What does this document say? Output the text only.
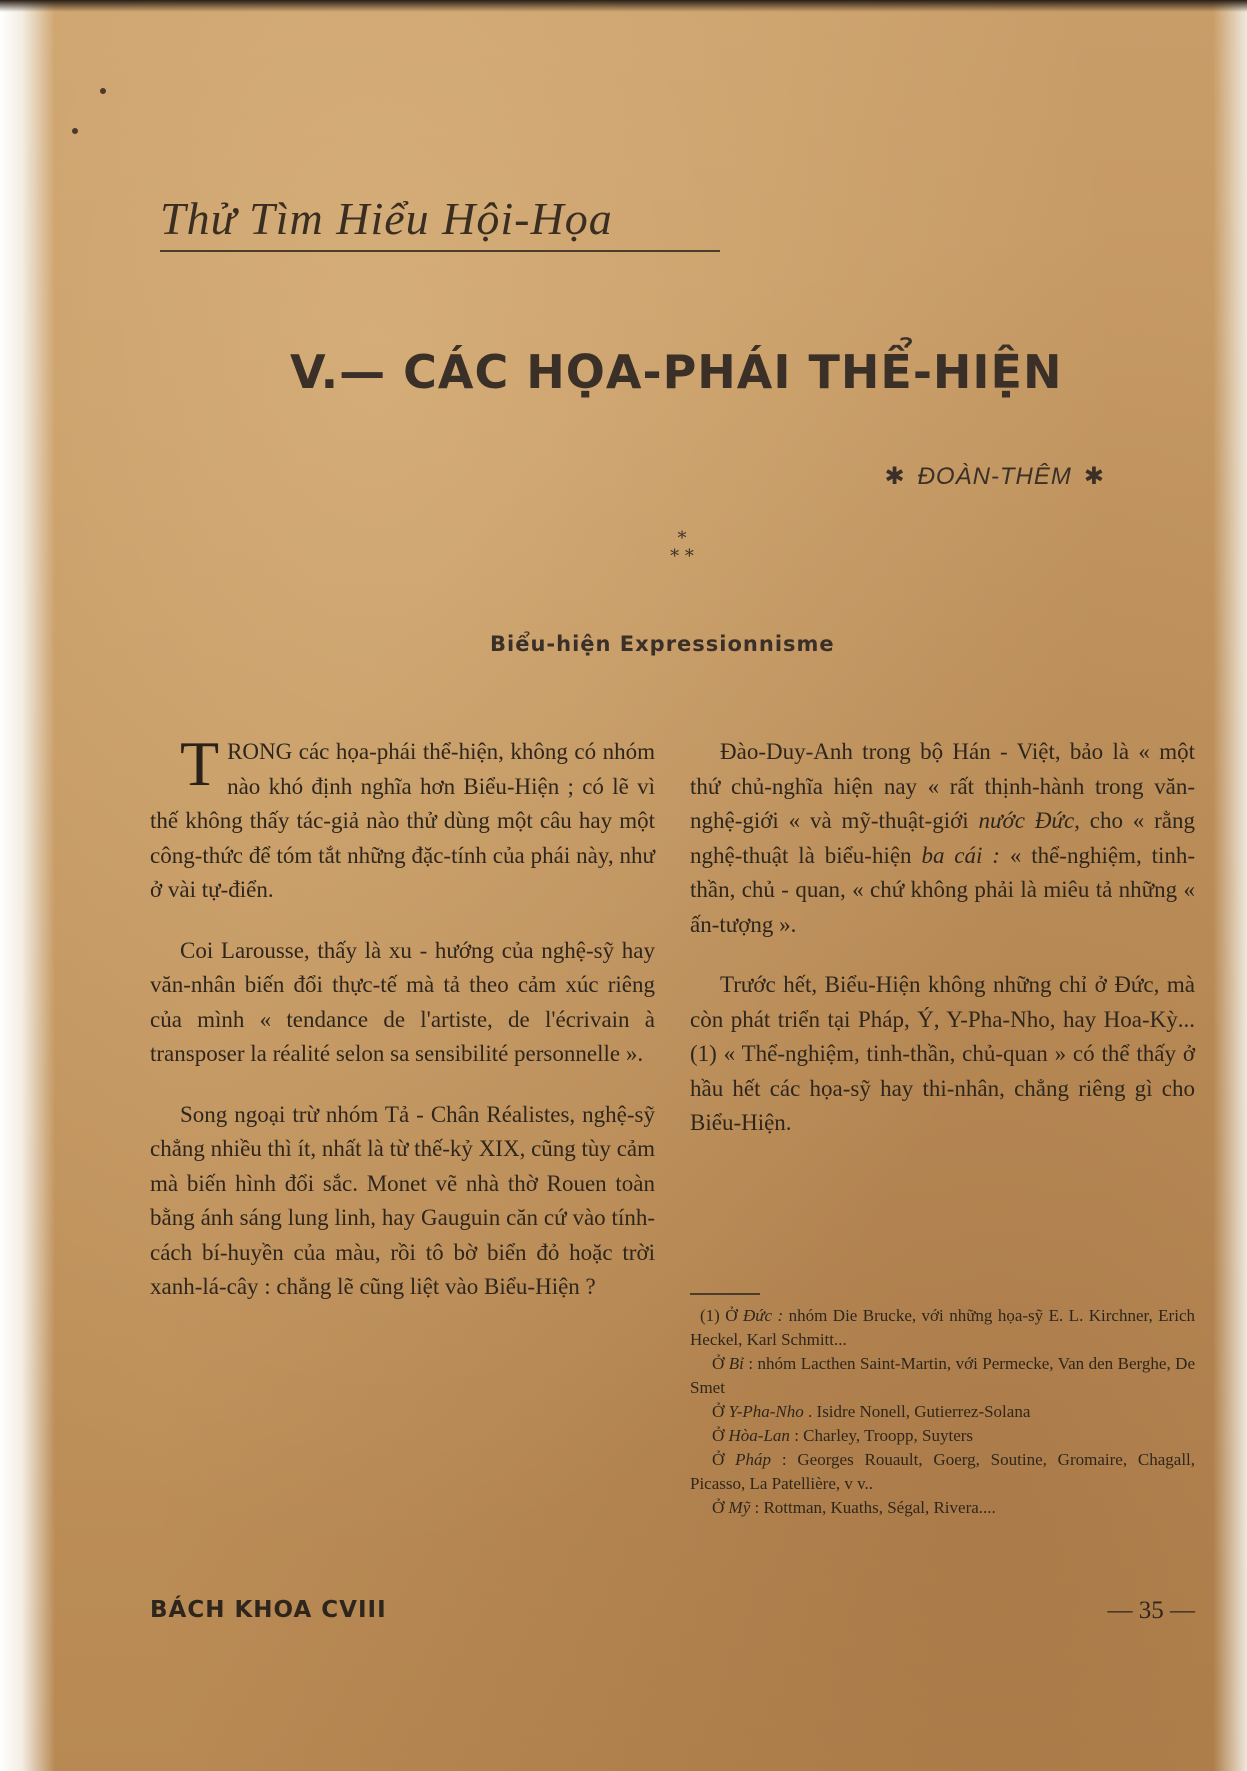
Thử Tìm Hiểu Hội-Họa
V.— CÁC HỌA-PHÁI THỂ-HIỆN
✱ ĐOÀN-THÊM ✱
*
* *
Biểu-hiện Expressionnisme

TRONG các họa-phái thể-hiện, không có nhóm nào khó định nghĩa hơn Biểu-Hiện ; có lẽ vì thế không thấy tác-giả nào thử dùng một câu hay một công-thức để tóm tắt những đặc-tính của phái này, như ở vài tự-điển.

Coi Larousse, thấy là xu - hướng của nghệ-sỹ hay văn-nhân biến đổi thực-tế mà tả theo cảm xúc riêng của mình « tendance de l'artiste, de l'écrivain à transposer la réalité selon sa sensibilité personnelle ».

Song ngoại trừ nhóm Tả - Chân Réalistes, nghệ-sỹ chẳng nhiều thì ít, nhất là từ thế-kỷ XIX, cũng tùy cảm mà biến hình đổi sắc. Monet vẽ nhà thờ Rouen toàn bằng ánh sáng lung linh, hay Gauguin căn cứ vào tính-cách bí-huyền của màu, rồi tô bờ biển đỏ hoặc trời xanh-lá-cây : chẳng lẽ cũng liệt vào Biểu-Hiện ?

Đào-Duy-Anh trong bộ Hán - Việt, bảo là « một thứ chủ-nghĩa hiện nay « rất thịnh-hành trong văn-nghệ-giới « và mỹ-thuật-giới nước Đức, cho « rằng nghệ-thuật là biểu-hiện ba cái : « thể-nghiệm, tinh-thần, chủ - quan, « chứ không phải là miêu tả những « ấn-tượng ».

Trước hết, Biểu-Hiện không những chỉ ở Đức, mà còn phát triển tại Pháp, Ý, Y-Pha-Nho, hay Hoa-Kỳ... (1) « Thể-nghiệm, tinh-thần, chủ-quan » có thể thấy ở hầu hết các họa-sỹ hay thi-nhân, chẳng riêng gì cho Biểu-Hiện.

(1) Ở Đức : nhóm Die Brucke, với những họa-sỹ E. L. Kirchner, Erich Heckel, Karl Schmitt...

Ở Bỉ : nhóm Lacthen Saint-Martin, với Permecke, Van den Berghe, De Smet

Ở Y-Pha-Nho . Isidre Nonell, Gutierrez-Solana

Ở Hòa-Lan : Charley, Troopp, Suyters

Ở Pháp : Georges Rouault, Goerg, Soutine, Gromaire, Chagall, Picasso, La Patellière, v v..

Ở Mỹ : Rottman, Kuaths, Ségal, Rivera....

BÁCH KHOA CVIII	— 35 —
